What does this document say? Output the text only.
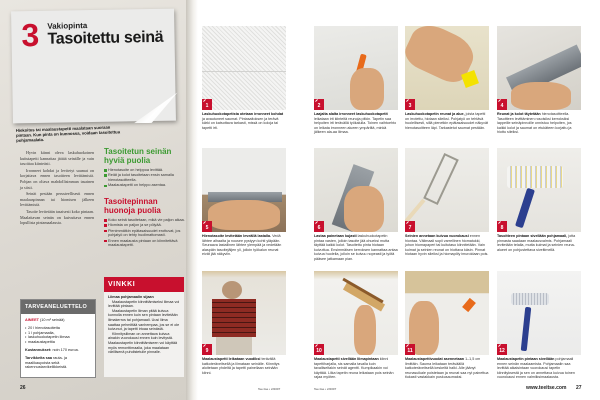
3 Vakiopinta
Tasoitettu seinä
Hiekoitus tai maalaustapetti maalataan suoraan pintaan. Kun pinta on kunnossa, voidaan tasoitettua pohjamaalata.

Hyvin kiinni oleva laskuhuokoinen kuitutapetti kannattaa jättää seinälle ja vain tasoittaa kiinteästi.

Irronneet kohdat ja levitetyt saumat on korjattava ennen tasoitteen levittämistä. Pohjan on oltava mahdollisimman tasainen ja siisti.

Seinät pestään perusteellisesti ennen maalauspinnan tai hiomisen jälkeen levittämistä.

Tasoite levitetään tasaisesti koko pintaan. Maalattavan seinän on kuivuttava ennen lopullista pintamaalausta.

Tasoitetun seinän hyviä puolia
Hienotasoite on helppoa levittää.
Reiät ja kolot tasoitetaan ensin samalla hienotasoitteella.
Maalaustapetti on helppo asentaa.
Tasoitepinnan huonoja puolia
Koko seinä tasoitetaan, mikä vie paljon aikaa.
Hiomista on paljon ja se pölyää.
Pienimmätkin epätasaisuudet erottuvat, jos pohjatyö on tehty huolimattomasti.
Ennen maalausta pintaan on kiinnitettävä maalaustapetti.
TARVEANELUETTELO
AINEET (10 m² seinää)
• 20 l hienotasoitetta
• 1 l pohjamaalia,
• laskuhuokotapetin liimaa
• maalaustapettia
Kustannukset: noin 170 euroa.
Tarvikkeita saa rauta- ja maalikaupoista sekä rakennustarvikeliikkeistä.
VINKKI

Liimaa pohjamaalin sijaan

Maalaustapetin kiinnittämiseksi liimaa voi levittää pintaan.

Maalaustapetin liiman pitää kuivua kunnolla ennen kuin sen pintaan levitetään liimakerros tai pohjamaali. Uusi liima saattaa pehmittää vanhempaa, jos se ei ole kuivunut, ja tapetti irtoaa seinästä.

Kiinnitysliiman on annettava kuivua ainakin vuorokausi ennen kuin levitystä. Maalaustapetin kiinnittämiseen voi käyttää myös remonttimaalia, joka maalataan värillisenä puhdistetulle pinnalle.

26
1
Laskuhuokotapetista otetaan irronneet kohdat ja avautuneet saumat. Pintasaitoksen ja terävä kärki on katsottava tarkasti, missä on koloja tai tapetti irti.
2
Laajalta alalta irronneet laskuhuokotapetit leikataan irti kiinteitä reunoja pitkin. Tapetin saa helpoiten irti terävällä työkalulla. Toinen vaihtoehto on leikata irronneen alueen ympäriltä, minkä jälkeen ala-aa liimaa.
3
Laskuhuokotapetin reunat ja aluе, joista tapetti on irrotettu, hiotaan sileiksi. Pohjatyö on tehtävä huolellisesti, sillä pienetkin epätasaisuudet näkyvät hienotasoitteen läpi. Tarkastetut saumat pestään.
4
Reunat ja kolot täytetään hienotasoitteella. Tasoitteen levittäminen rosoisiksi kerroksiksi lappeille seinäpinnoille onnistuu helpoiten, jos kaikki kolot ja saumat on etukäteen korjattu ja hiottu sileiksi.
5
Hienotasoite levitetään leveällä lastalla. Vedä lähtee alhaalta ja nousee pystyyn kohti yläpään. Seuraava lastallinen lähtee ylempää ja vedetään alaspäin tasoitejäljen yli, jolloin työkalun reunat eivät jää näkyviin.
6
Lastaa painetaan kujasti laskuhuokotapetin pintaa vasten, jolloin tasoite jää ohueksi mutta täyttää kaikki kolot. Tasoitettu pinta hiotaan kuivuttua. Ensimmäisen kerroksen kannattaa antaa kuivua huolella, jolloin se kuivuu nopeasti ja työtä pääsee jatkamaan pian.
7
Seinien annetaan kuivua vuorokausi ennen hiontaa. Välimaali sopii varrellinen hiomatukki, johon hiomapaperi tai kuitutaso kiinnitetään. Vain kulmat ja seinien reunat on hiottava käsin. Pinnat hiotaan hyvin sileiksi ja hiomapöly imuroidaan pois.
8
Tasoitteen pintaan sivellään pohjamaali, jotta pinnasta saadaan maalausvalmis. Pohjamaali levitetään telalla, mutta kulmat ja seinien reuna-alueet on pohjustettava siveltimellä.
9
Maalaustapetti leikataan vuodiksi terävällä katkoteräveitsellä ja liimataan seinälle. Kiinnitys aloitetaan yhdeltä ja tapetti painellaan seinään kiinni.
10
Maalaustapetti sivellään liimapintaan kiinni tapettiharjalla, sis samalla tavalla kuin tavalliseltakin seinät agentti. Kumpikaakin voi käyttää. Liika tapetin reuna leikataan pois seinän rajaa myöten.
11
Maalaustapettivuodat asennetaan 1–1,5 cm limittäin. Sauma leikataan teräväällä katkoteräveitsellä keskeltä halki. Alle jäänyt reunasuikale poistetaan ja reunat saa nyt painettua tiukasti vastakkain puskusaumaksi.
12
Maalaustapetin pintaan sivellään pohjamaali ennen seinän maalaamista. Pohjamaalin saa levittää aikaisintaan vuorokausi tapetin kiinnityksestä ja sen on annettava kuivua toinen vuorokausi ennen valmiiksimaalausta.
Tee itse • 2/2007	Tee itse • 2/2007	www.teeitse.com 27
